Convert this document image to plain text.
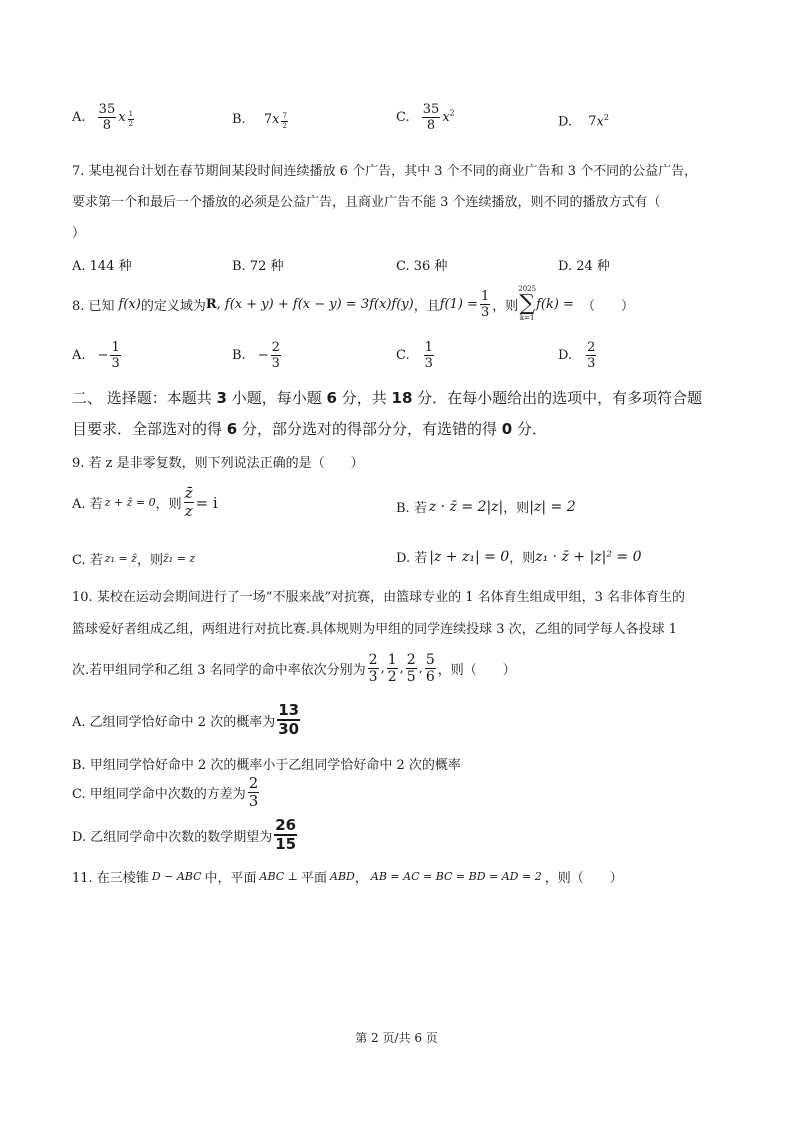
A. $\frac{35}{8}$ x $\frac{1}{2}$	B. $7x \frac{7}{2}$	C. $\frac{35}{8} x^2$
D. $7x^2$
7. 某电视台计划在春节期间某段时间连续播放 6 个广告，其中 3 个不同的商业广告和 3 个不同的公益广告，
要求第一个和最后一个播放的必须是公益广告，且商业广告不能 3 个连续播放，则不同的播放方式有（
）
A. 144 种	B. 72 种	C. 36 种	D. 24 种
8. 已知 f(x) 的定义域为 R , f(x + y) + f(x − y) = 3f(x)f(y) ，且 $f(1) = \frac{1}{3}$ ，则
2025
∑
k=1
f(k) = （　　）
A. − $\frac{1}{3}$	B. − $\frac{2}{3}$	C. $\frac{1}{3}$	D. $\frac{2}{3}$
二、 选择题：本题共 3 小题，每小题 6 分，共 18 分．在每小题给出的选项中，有多项符合题
目要求．全部选对的得 6 分，部分选对的得部分分，有选错的得 0 分．
9. 若 z 是非零复数，则下列说法正确的是（　　）
A. 若 z + z̄ = 0 ，则 $\frac{z̄}{z} = i$	B. 若 z · z̄ = 2|z| ，则 |z| = 2
C. 若 z₁ = z̄ ，则 z̄₁ = z	D. 若 |z + z₁| = 0 ，则 z₁ · z̄ + |z|² = 0
10. 某校在运动会期间进行了一场“不服来战”对抗赛，由篮球专业的 1 名体育生组成甲组，3 名非体育生的
篮球爱好者组成乙组，两组进行对抗比赛.具体规则为甲组的同学连续投球 3 次，乙组的同学每人各投球 1
次.若甲组同学和乙组 3 名同学的命中率依次分别为 $\frac{2}{3}$ , $\frac{1}{2}$ , $\frac{2}{5}$ , $\frac{5}{6}$ ，则（　　）
A. 乙组同学恰好命中 2 次的概率为 $\frac{13}{30}$
B. 甲组同学恰好命中 2 次的概率小于乙组同学恰好命中 2 次的概率
C. 甲组同学命中次数的方差为 $\frac{2}{3}$
D. 乙组同学命中次数的数学期望为 $\frac{26}{15}$
11. 在三棱锥 D − ABC 中，平面 ABC ⊥ 平面 ABD ， AB = AC = BC = BD = AD = 2 ，则（　　）
第 2 页/共 6 页
